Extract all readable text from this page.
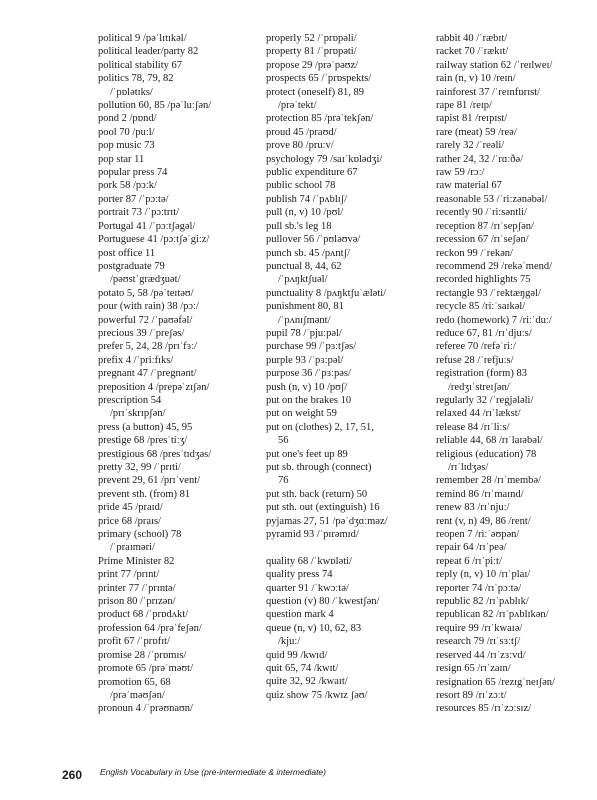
political 9 /pəˈlɪtɪkəl/
political leader/party 82
political stability 67
politics 78, 79, 82
/ˈpɒlətɪks/
pollution 60, 85 /pəˈluːʃən/
pond 2 /pɒnd/
pool 70 /puːl/
pop music 73
pop star 11
popular press 74
pork 58 /pɔːk/
porter 87 /ˈpɔːtə/
portrait 73 /ˈpɔːtrɪt/
Portugal 41 /ˈpɔːtʃəgəl/
Portuguese 41 /pɔːtʃəˈgiːz/
post office 11
postgraduate 79
/pəʊstˈgrædʒuət/
potato 5, 58 /pəˈteɪtəʊ/
pour (with rain) 38 /pɔː/
powerful 72 /ˈpaʊəfəl/
precious 39 /ˈpreʃəs/
prefer 5, 24, 28 /prɪˈfɜː/
prefix 4 /ˈpriːfɪks/
pregnant 47 /ˈpregnənt/
preposition 4 /prepəˈzɪʃən/
prescription 54
/prɪˈskrɪpʃən/
press (a button) 45, 95
prestige 68 /presˈtiːʒ/
prestigious 68 /presˈtɪdʒəs/
pretty 32, 99 /ˈprɪti/
prevent 29, 61 /prɪˈvent/
prevent sth. (from) 81
pride 45 /praɪd/
price 68 /praɪs/
primary (school) 78
/ˈpraɪməri/
Prime Minister 82
print 77 /prɪnt/
printer 77 /ˈprɪntə/
prison 80 /ˈprɪzən/
product 68 /ˈprɒdʌkt/
profession 64 /prəˈfeʃən/
profit 67 /ˈprɒfɪt/
promise 28 /ˈprɒmɪs/
promote 65 /prəˈməʊt/
promotion 65, 68
/prəˈməʊʃən/
pronoun 4 /ˈprəʊnaʊn/
properly 52 /ˈprɒpəli/
property 81 /ˈprɒpəti/
propose 29 /prəˈpəʊz/
prospects 65 /ˈprɒspekts/
protect (oneself) 81, 89
/prəˈtekt/
protection 85 /prəˈtekʃən/
proud 45 /praʊd/
prove 80 /pruːv/
psychology 79 /saɪˈkɒlədʒi/
public expenditure 67
public school 78
publish 74 /ˈpʌblɪʃ/
pull (n, v) 10 /pʊl/
pull sb.'s leg 18
pullover 56 /ˈpʊləʊvə/
punch sb. 45 /pʌntʃ/
punctual 8, 44, 62
/ˈpʌŋktʃuəl/
punctuality 8 /pʌŋktʃuˈæləti/
punishment 80, 81
/ˈpʌnɪʃmənt/
pupil 78 /ˈpjuːpəl/
purchase 99 /ˈpɜːtʃəs/
purple 93 /ˈpɜːpəl/
purpose 36 /ˈpɜːpəs/
push (n, v) 10 /pʊʃ/
put on the brakes 10
put on weight 59
put on (clothes) 2, 17, 51,
56
put one's feet up 89
put sb. through (connect)
76
put sth. back (return) 50
put sth. out (extinguish) 16
pyjamas 27, 51 /pəˈdʒɑːməz/
pyramid 93 /ˈpɪrəmɪd/
quality 68 /ˈkwɒləti/
quality press 74
quarter 91 /ˈkwɔːtə/
question (v) 80 /ˈkwestʃən/
question mark 4
queue (n, v) 10, 62, 83
/kjuː/
quid 99 /kwɪd/
quit 65, 74 /kwɪt/
quite 32, 92 /kwaɪt/
quiz show 75 /kwɪz ʃəʊ/
rabbit 40 /ˈræbɪt/
racket 70 /ˈrækɪt/
railway station 62 /ˈreɪlweɪ/
rain (n, v) 10 /reɪn/
rainforest 37 /ˈreɪnfɒrɪst/
rape 81 /reɪp/
rapist 81 /reɪpɪst/
rare (meat) 59 /reə/
rarely 32 /ˈreəli/
rather 24, 32 /ˈrɑːðə/
raw 59 /rɔː/
raw material 67
reasonable 53 /ˈriːzənəbəl/
recently 90 /ˈriːsəntli/
reception 87 /rɪˈsepʃən/
recession 67 /rɪˈseʃən/
reckon 99 /ˈrekən/
recommend 29 /rekəˈmend/
recorded highlights 75
rectangle 93 /ˈrektæŋgəl/
recycle 85 /riːˈsaɪkəl/
redo (homework) 7 /riːˈduː/
reduce 67, 81 /rɪˈdjuːs/
referee 70 /refəˈriː/
refuse 28 /ˈrefjuːs/
registration (form) 83
/redʒɪˈstreɪʃən/
regularly 32 /ˈregjələli/
relaxed 44 /rɪˈlækst/
release 84 /rɪˈliːs/
reliable 44, 68 /rɪˈlaɪəbəl/
religious (education) 78
/rɪˈlɪdʒəs/
remember 28 /rɪˈmembə/
remind 86 /rɪˈmaɪnd/
renew 83 /rɪˈnjuː/
rent (v, n) 49, 86 /rent/
reopen 7 /riːˈəʊpən/
repair 64 /rɪˈpeə/
repeat 6 /rɪˈpiːt/
reply (n, v) 10 /rɪˈplaɪ/
reporter 74 /rɪˈpɔːtə/
republic 82 /rɪˈpʌblɪk/
republican 82 /rɪˈpʌblɪkən/
require 99 /rɪˈkwaɪə/
research 79 /rɪˈsɜːtʃ/
reserved 44 /rɪˈzɜːvd/
resign 65 /rɪˈzaɪn/
resignation 65 /rezɪgˈneɪʃən/
resort 89 /rɪˈzɔːt/
resources 85 /rɪˈzɔːsɪz/
260 English Vocabulary in Use (pre-intermediate & intermediate)
